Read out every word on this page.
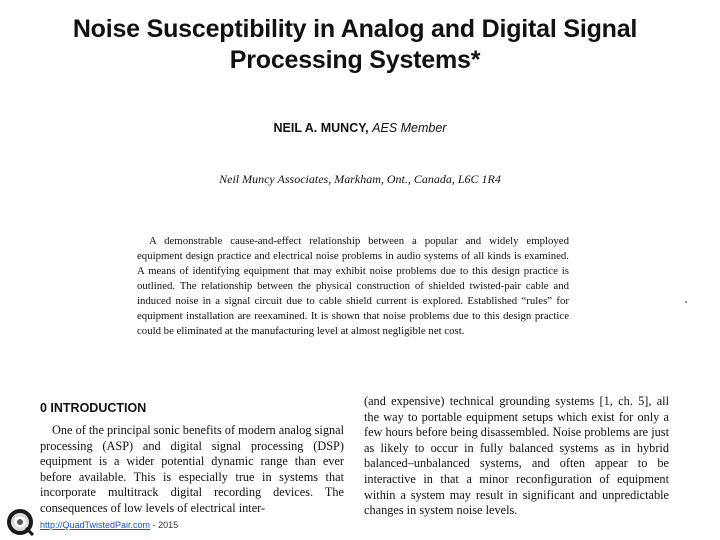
Noise Susceptibility in Analog and Digital Signal
Processing Systems*
NEIL A. MUNCY, AES Member
Neil Muncy Associates, Markham, Ont., Canada, L6C 1R4

A demonstrable cause-and-effect relationship between a popular and widely employed equipment design practice and electrical noise problems in audio systems of all kinds is examined. A means of identifying equipment that may exhibit noise problems due to this design practice is outlined. The relationship between the physical construction of shielded twisted-pair cable and induced noise in a signal circuit due to cable shield current is explored. Established “rules” for equipment installation are reexamined. It is shown that noise problems due to this design practice could be eliminated at the manufacturing level at almost negligible net cost.

0 INTRODUCTION

One of the principal sonic benefits of modern analog signal processing (ASP) and digital signal processing (DSP) equipment is a wider potential dynamic range than ever before available. This is especially true in systems that incorporate multitrack digital recording devices. The consequences of low levels of electrical inter-

(and expensive) technical grounding systems [1, ch. 5], all the way to portable equipment setups which exist for only a few hours before being disassembled. Noise problems are just as likely to occur in fully balanced systems as in hybrid balanced–unbalanced systems, and often appear to be interactive in that a minor reconfiguration of equipment within a system may result in significant and unpredictable changes in system noise levels.

http://QuadTwistedPair.com - 2015
